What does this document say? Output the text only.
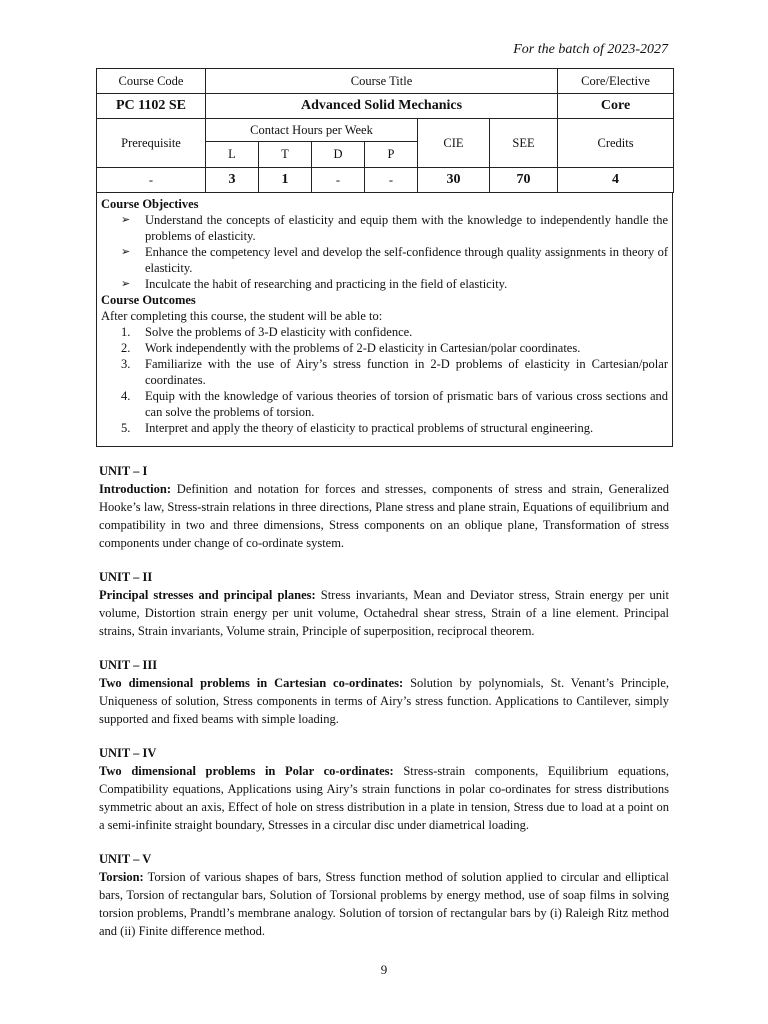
For the batch of 2023-2027
Course Code	Course Title						Core/Elective
PC 1102 SE	Advanced Solid Mechanics						Core
Prerequisite	Contact Hours per Week				CIE	SEE	Credits
	L	T	D	P			
-	3	1	-	-	30	70	4
Course Objectives
➢ Understand the concepts of elasticity and equip them with the knowledge to independently handle the problems of elasticity.
➢ Enhance the competency level and develop the self-confidence through quality assignments in theory of elasticity.
➢ Inculcate the habit of researching and practicing in the field of elasticity.
Course Outcomes
After completing this course, the student will be able to:
1. Solve the problems of 3-D elasticity with confidence.
2. Work independently with the problems of 2-D elasticity in Cartesian/polar coordinates.
3. Familiarize with the use of Airy’s stress function in 2-D problems of elasticity in Cartesian/polar coordinates.
4. Equip with the knowledge of various theories of torsion of prismatic bars of various cross sections and can solve the problems of torsion.
5. Interpret and apply the theory of elasticity to practical problems of structural engineering.
UNIT – I
Introduction: Definition and notation for forces and stresses, components of stress and strain, Generalized Hooke’s law, Stress-strain relations in three directions, Plane stress and plane strain, Equations of equilibrium and compatibility in two and three dimensions, Stress components on an oblique plane, Transformation of stress components under change of co-ordinate system.
UNIT – II
Principal stresses and principal planes: Stress invariants, Mean and Deviator stress, Strain energy per unit volume, Distortion strain energy per unit volume, Octahedral shear stress, Strain of a line element. Principal strains, Strain invariants, Volume strain, Principle of superposition, reciprocal theorem.
UNIT – III
Two dimensional problems in Cartesian co-ordinates: Solution by polynomials, St. Venant’s Principle, Uniqueness of solution, Stress components in terms of Airy’s stress function. Applications to Cantilever, simply supported and fixed beams with simple loading.
UNIT – IV
Two dimensional problems in Polar co-ordinates: Stress-strain components, Equilibrium equations, Compatibility equations, Applications using Airy’s strain functions in polar co-ordinates for stress distributions symmetric about an axis, Effect of hole on stress distribution in a plate in tension, Stress due to load at a point on a semi-infinite straight boundary, Stresses in a circular disc under diametrical loading.
UNIT – V
Torsion: Torsion of various shapes of bars, Stress function method of solution applied to circular and elliptical bars, Torsion of rectangular bars, Solution of Torsional problems by energy method, use of soap films in solving torsion problems, Prandtl’s membrane analogy. Solution of torsion of rectangular bars by (i) Raleigh Ritz method and (ii) Finite difference method.
9
